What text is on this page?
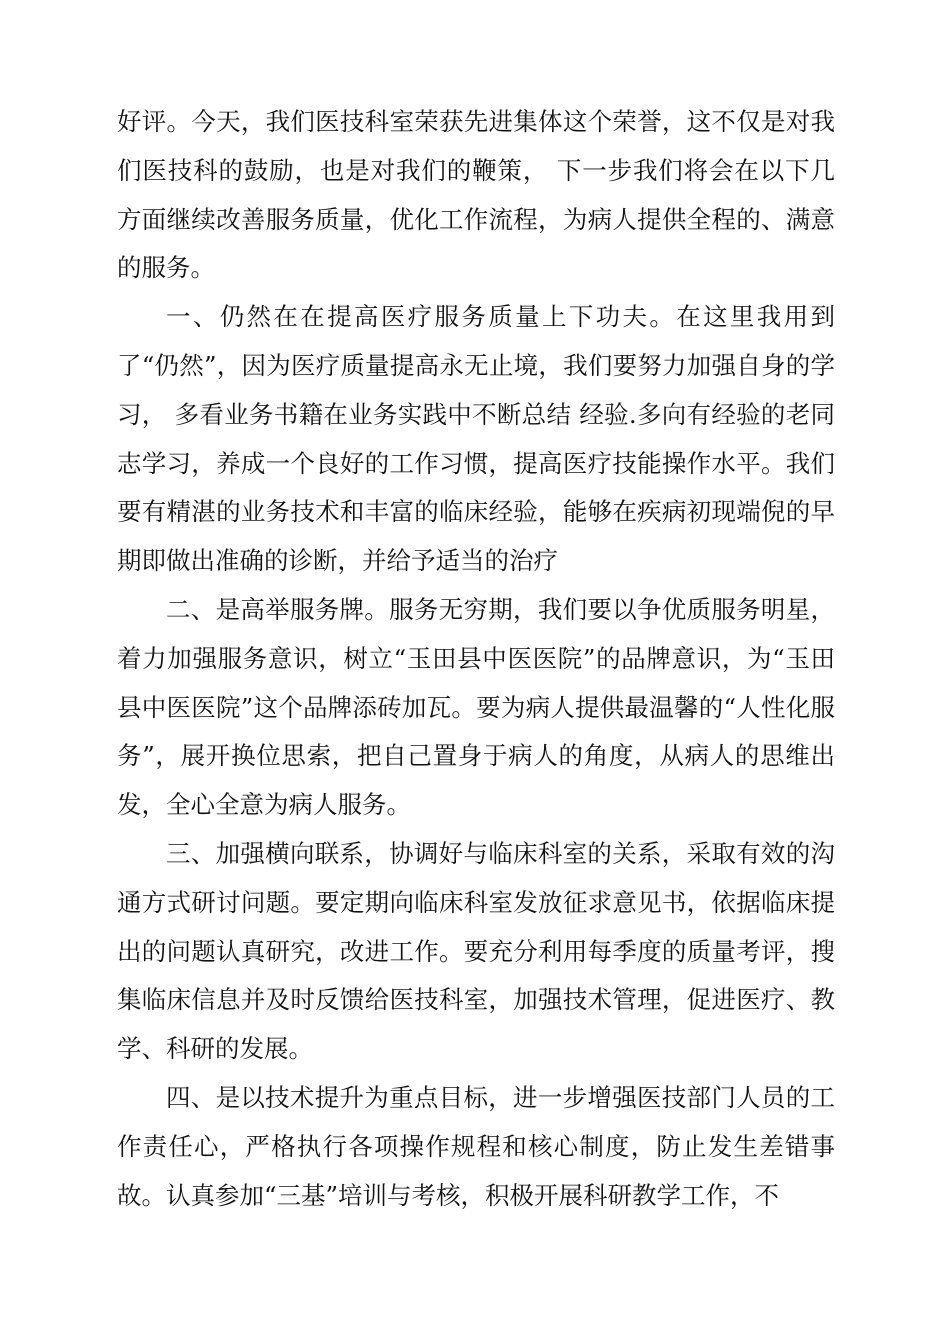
好评。今天，我们医技科室荣获先进集体这个荣誉，这不仅是对我们医技科的鼓励，也是对我们的鞭策， 下一步我们将会在以下几方面继续改善服务质量，优化工作流程，为病人提供全程的、满意的服务。

一、仍然在在提高医疗服务质量上下功夫。在这里我用到了“仍然”，因为医疗质量提高永无止境，我们要努力加强自身的学习， 多看业务书籍在业务实践中不断总结 经验.多向有经验的老同志学习，养成一个良好的工作习惯，提高医疗技能操作水平。我们要有精湛的业务技术和丰富的临床经验，能够在疾病初现端倪的早期即做出准确的诊断，并给予适当的治疗

二、是高举服务牌。服务无穷期，我们要以争优质服务明星，着力加强服务意识，树立“玉田县中医医院”的品牌意识，为“玉田县中医医院”这个品牌添砖加瓦。要为病人提供最温馨的“人性化服务”，展开换位思索，把自己置身于病人的角度，从病人的思维出发，全心全意为病人服务。

三、加强横向联系，协调好与临床科室的关系，采取有效的沟通方式研讨问题。要定期向临床科室发放征求意见书，依据临床提出的问题认真研究，改进工作。要充分利用每季度的质量考评，搜集临床信息并及时反馈给医技科室，加强技术管理，促进医疗、教学、科研的发展。

四、是以技术提升为重点目标，进一步增强医技部门人员的工作责任心，严格执行各项操作规程和核心制度，防止发生差错事故。认真参加“三基”培训与考核，积极开展科研教学工作，不
